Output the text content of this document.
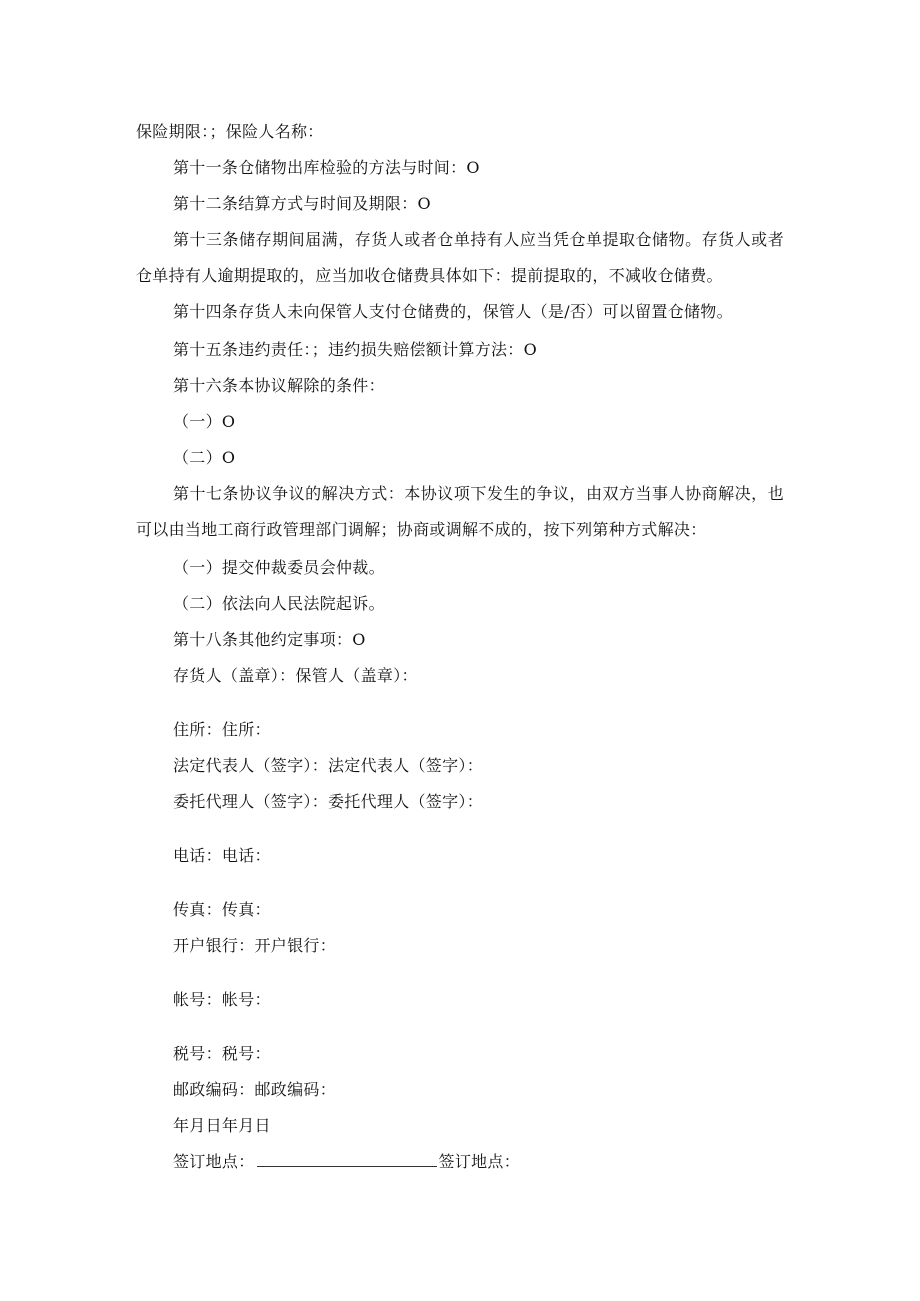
保险期限：；保险人名称：
第十一条仓储物出库检验的方法与时间：O
第十二条结算方式与时间及期限：O
第十三条储存期间届满，存货人或者仓单持有人应当凭仓单提取仓储物。存货人或者仓单持有人逾期提取的，应当加收仓储费具体如下：提前提取的，不减收仓储费。
第十四条存货人未向保管人支付仓储费的，保管人（是/否）可以留置仓储物。
第十五条违约责任：；违约损失赔偿额计算方法：O
第十六条本协议解除的条件：
（一）O
（二）O
第十七条协议争议的解决方式：本协议项下发生的争议，由双方当事人协商解决，也可以由当地工商行政管理部门调解；协商或调解不成的，按下列第种方式解决：
（一）提交仲裁委员会仲裁。
（二）依法向人民法院起诉。
第十八条其他约定事项：O
存货人（盖章）：保管人（盖章）：
住所：住所：
法定代表人（签字）：法定代表人（签字）：
委托代理人（签字）：委托代理人（签字）：
电话：电话：
传真：传真：
开户银行：开户银行：
帐号：帐号：
税号：税号：
邮政编码：邮政编码：
年月日年月日
签订地点：	签订地点：
